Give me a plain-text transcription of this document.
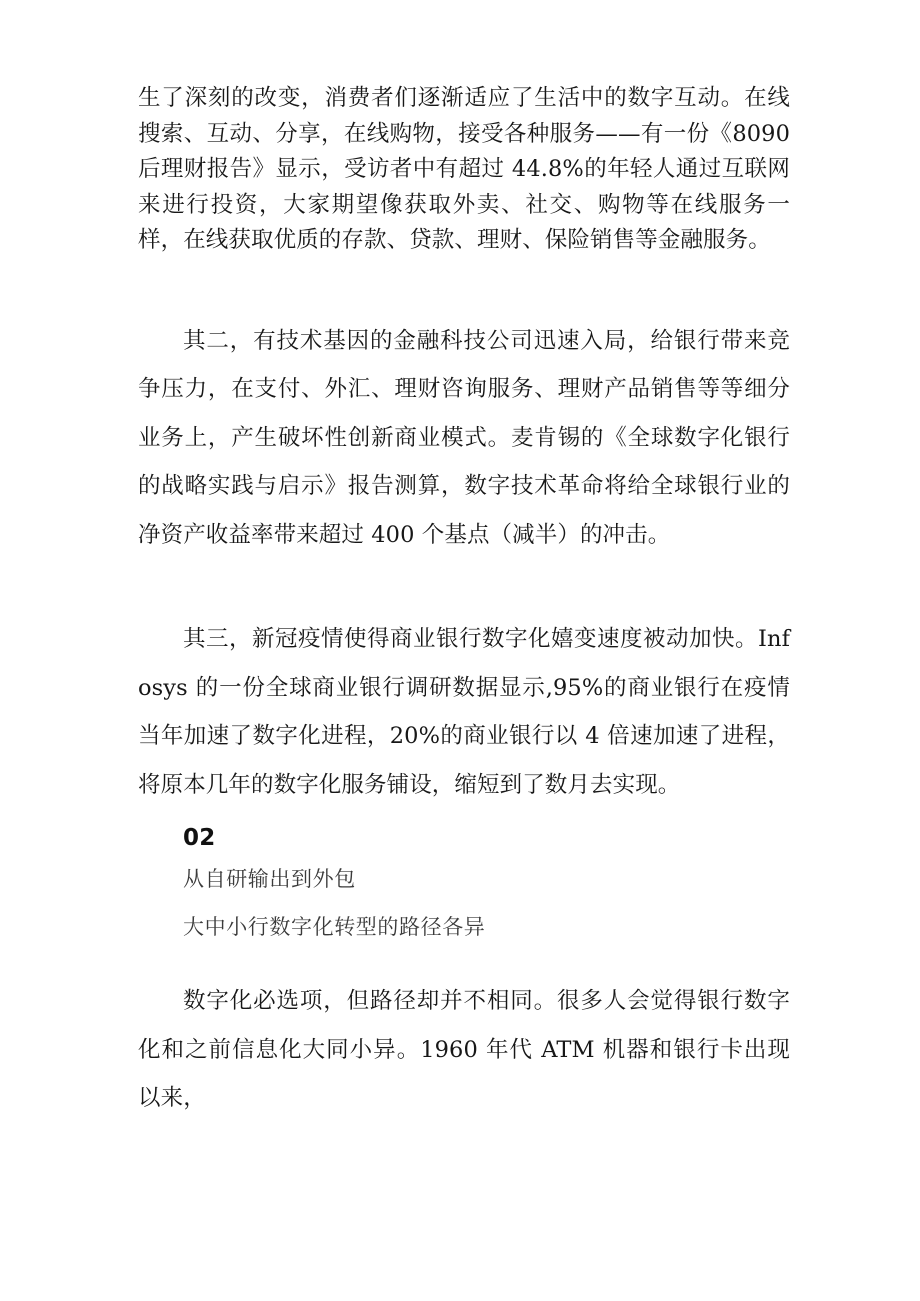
生了深刻的改变，消费者们逐渐适应了生活中的数字互动。在线搜索、互动、分享，在线购物，接受各种服务——有一份《8090后理财报告》显示，受访者中有超过 44.8%的年轻人通过互联网来进行投资，大家期望像获取外卖、社交、购物等在线服务一样，在线获取优质的存款、贷款、理财、保险销售等金融服务。

其二，有技术基因的金融科技公司迅速入局，给银行带来竞争压力，在支付、外汇、理财咨询服务、理财产品销售等等细分业务上，产生破坏性创新商业模式。麦肯锡的《全球数字化银行的战略实践与启示》报告测算，数字技术革命将给全球银行业的净资产收益率带来超过 400 个基点（减半）的冲击。

其三，新冠疫情使得商业银行数字化嬉变速度被动加快。Infosys 的一份全球商业银行调研数据显示,95%的商业银行在疫情当年加速了数字化进程，20%的商业银行以 4 倍速加速了进程，将原本几年的数字化服务铺设，缩短到了数月去实现。

02
从自研输出到外包
大中小行数字化转型的路径各异

数字化必选项，但路径却并不相同。很多人会觉得银行数字化和之前信息化大同小异。1960 年代 ATM 机器和银行卡出现以来，
